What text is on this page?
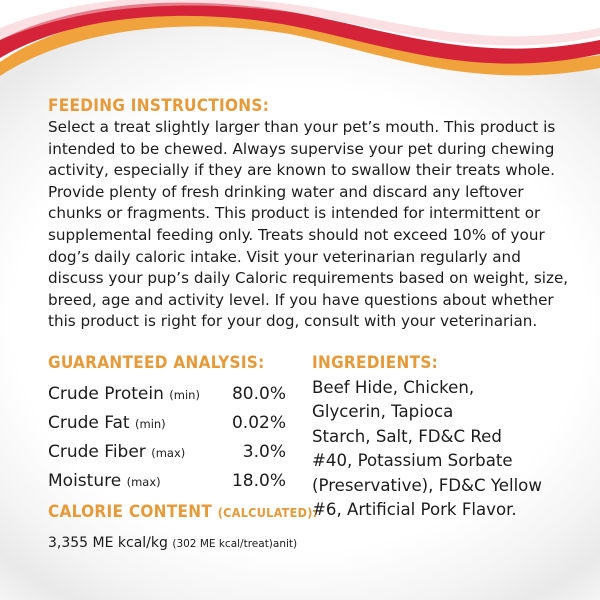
FEEDING INSTRUCTIONS:
Select a treat slightly larger than your pet’s mouth. This product is
intended to be chewed. Always supervise your pet during chewing
activity, especially if they are known to swallow their treats whole.
Provide plenty of fresh drinking water and discard any leftover
chunks or fragments. This product is intended for intermittent or
supplemental feeding only. Treats should not exceed 10% of your
dog’s daily caloric intake. Visit your veterinarian regularly and
discuss your pup’s daily Caloric requirements based on weight, size,
breed, age and activity level. If you have questions about whether
this product is right for your dog, consult with your veterinarian.
GUARANTEED ANALYSIS:
Crude Protein (min) 80.0%
Crude Fat (min)	0.02%
Crude Fiber (max)	3.0%
Moisture (max)	18.0%
INGREDIENTS:
Beef Hide, Chicken,
Glycerin, Tapioca
Starch, Salt, FD&C Red
#40, Potassium Sorbate
(Preservative), FD&C Yellow
#6, Artificial Pork Flavor.
CALORIE CONTENT (CALCULATED):
3,355 ME kcal/kg (302 ME kcal/treat)anit)
